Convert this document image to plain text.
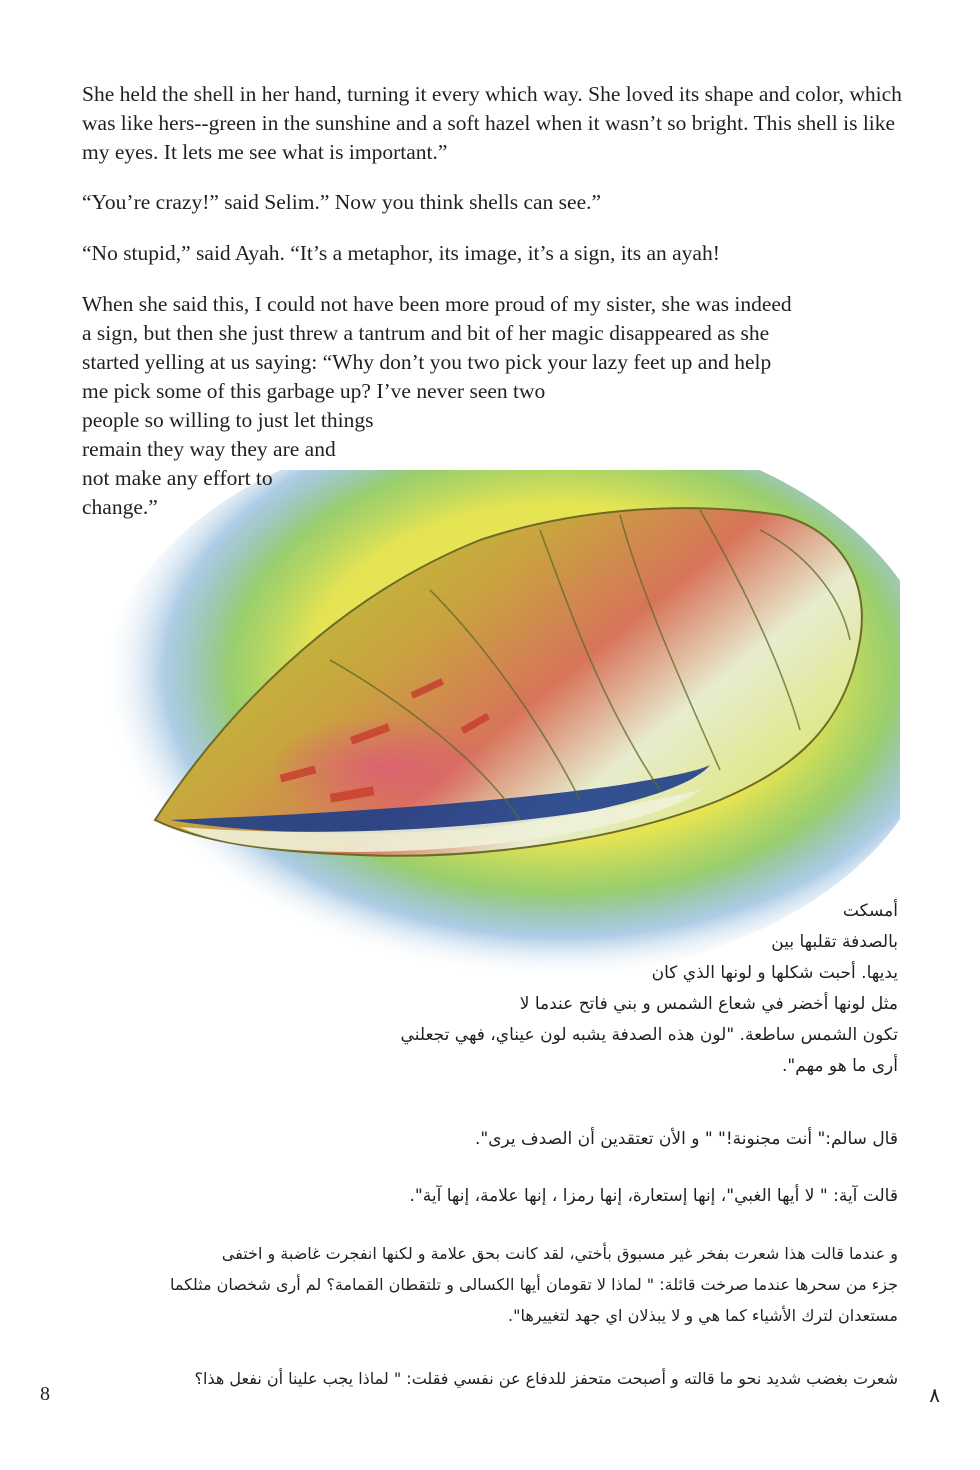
She held the shell in her hand, turning it every which way. She loved its shape and color, which was like hers--green in the sunshine and a soft hazel when it wasn’t so bright. This shell is like my eyes. It lets me see what is important.”

“You’re crazy!” said Selim.” Now you think shells can see.”

“No stupid,” said Ayah. “It’s a metaphor, its image, it’s a sign, its an ayah!

When she said this, I could not have been more proud of my sister, she was indeed

a sign, but then she just threw a tantrum and bit of her magic disappeared as she

started yelling at us saying: “Why don’t you two pick your lazy feet up and help

me pick some of this garbage up? I’ve never seen two

people so willing to just let things

remain they way they are and

not make any effort to

change.”

أمسكت

بالصدفة تقلبها بين

يديها. أحبت شكلها و لونها الذي كان

مثل لونها أخضر في شعاع الشمس و بني فاتح عندما لا

تكون الشمس ساطعة. "لون هذه الصدفة يشبه لون عيناي، فهي تجعلني

أرى ما هو مهم".

قال سالم:" أنت مجنونة!" " و الأن تعتقدين أن الصدف يرى".

قالت آية: " لا أيها الغبي"، إنها إستعارة، إنها رمزا ، إنها علامة، إنها آية".

و عندما قالت هذا شعرت بفخر غير مسبوق بأختي، لقد كانت بحق علامة و لكنها انفجرت غاضبة و اختفى

جزء من سحرها عندما صرخت قائلة: " لماذا لا تقومان أيها الكسالى و تلتقطان القمامة؟ لم أرى شخصان مثلكما

مستعدان لترك الأشياء كما هي و لا يبذلان اي جهد لتغييرها".

شعرت بغضب شديد نحو ما قالته و أصبحت متحفز للدفاع عن نفسي فقلت: " لماذا يجب علينا أن نفعل هذا؟

8	٨
